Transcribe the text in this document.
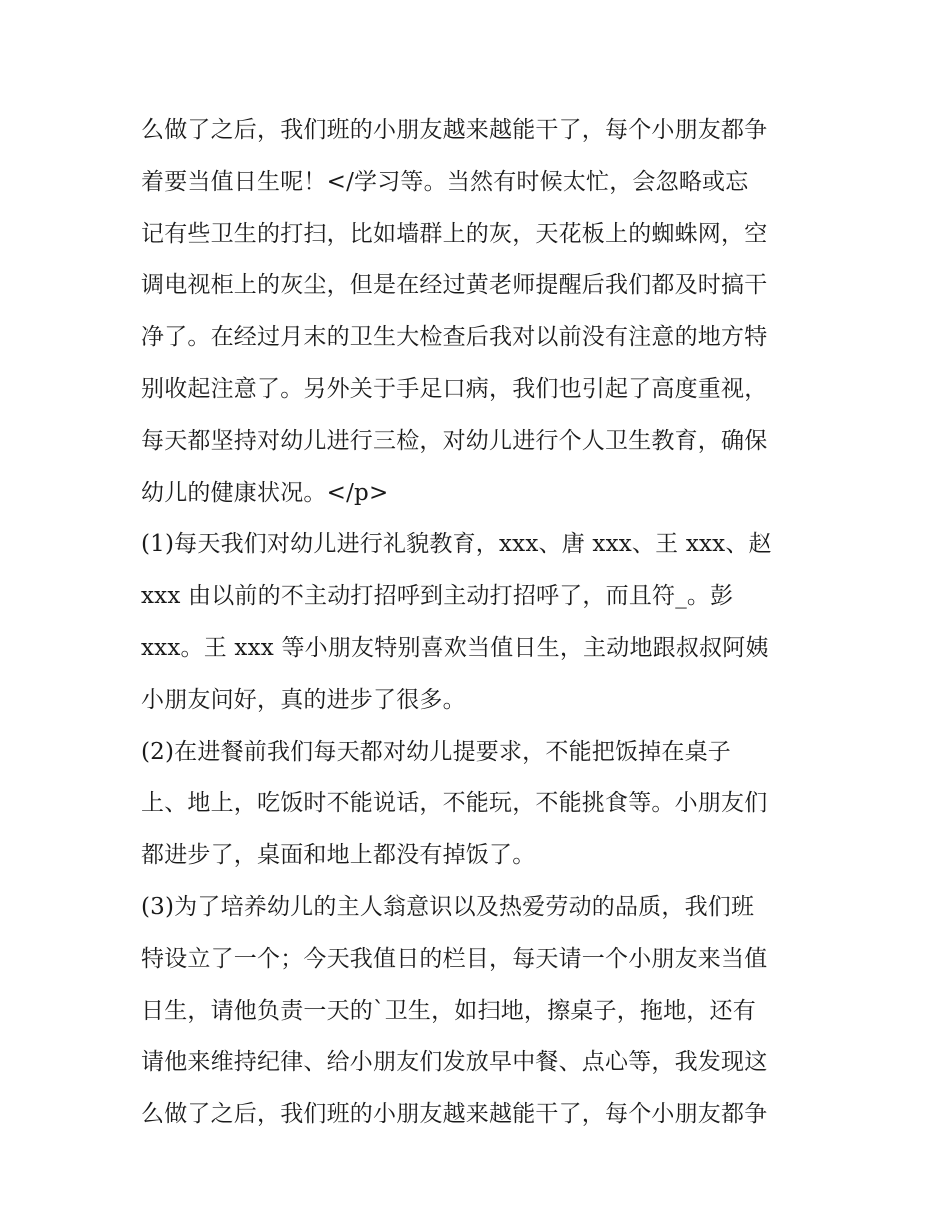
么做了之后，我们班的小朋友越来越能干了，每个小朋友都争
着要当值日生呢！</学习等。当然有时候太忙，会忽略或忘
记有些卫生的打扫，比如墙群上的灰，天花板上的蜘蛛网，空
调电视柜上的灰尘，但是在经过黄老师提醒后我们都及时搞干
净了。在经过月末的卫生大检查后我对以前没有注意的地方特
别收起注意了。另外关于手足口病，我们也引起了高度重视，
每天都坚持对幼儿进行三检，对幼儿进行个人卫生教育，确保
幼儿的健康状况。</p>
(1)每天我们对幼儿进行礼貌教育，xxx、唐 xxx、王 xxx、赵
xxx 由以前的不主动打招呼到主动打招呼了，而且符_。彭
xxx。王 xxx 等小朋友特别喜欢当值日生，主动地跟叔叔阿姨
小朋友问好，真的进步了很多。
(2)在进餐前我们每天都对幼儿提要求，不能把饭掉在桌子
上、地上，吃饭时不能说话，不能玩，不能挑食等。小朋友们
都进步了，桌面和地上都没有掉饭了。
(3)为了培养幼儿的主人翁意识以及热爱劳动的品质，我们班
特设立了一个；今天我值日的栏目，每天请一个小朋友来当值
日生，请他负责一天的`卫生，如扫地，擦桌子，拖地，还有
请他来维持纪律、给小朋友们发放早中餐、点心等，我发现这
么做了之后，我们班的小朋友越来越能干了，每个小朋友都争
